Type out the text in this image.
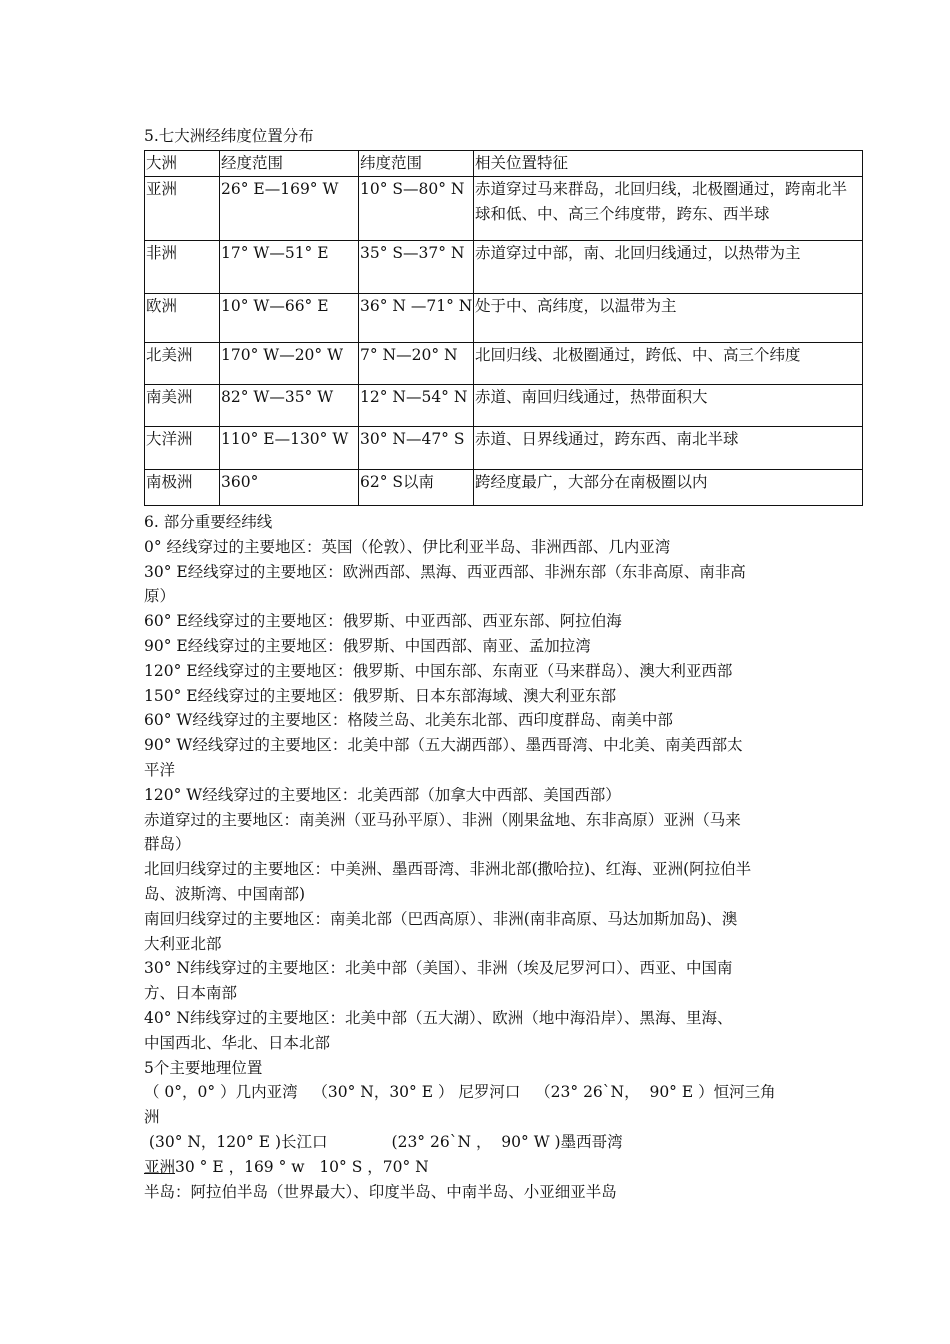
5.七大洲经纬度位置分布
大洲	经度范围	纬度范围	相关位置特征
亚洲	26° E—169° W	10° S—80° N	赤道穿过马来群岛，北回归线，北极圈通过，跨南北半球和低、中、高三个纬度带，跨东、西半球
非洲	17° W—51° E	35° S—37° N	赤道穿过中部，南、北回归线通过，以热带为主
欧洲	10° W—66° E	36° N —71° N	处于中、高纬度，以温带为主
北美洲	170° W—20° W	7° N—20° N	北回归线、北极圈通过，跨低、中、高三个纬度
南美洲	82° W—35° W	12° N—54° N	赤道、南回归线通过，热带面积大
大洋洲	110° E—130° W	30° N—47° S	赤道、日界线通过，跨东西、南北半球
南极洲	360°	62° S以南	跨经度最广，大部分在南极圈以内
6. 部分重要经纬线
0° 经线穿过的主要地区：英国（伦敦）、伊比利亚半岛、非洲西部、几内亚湾
30° E经线穿过的主要地区：欧洲西部、黑海、西亚西部、非洲东部（东非高原、南非高
原）
60° E经线穿过的主要地区：俄罗斯、中亚西部、西亚东部、阿拉伯海
90° E经线穿过的主要地区：俄罗斯、中国西部、南亚、孟加拉湾
120° E经线穿过的主要地区：俄罗斯、中国东部、东南亚（马来群岛）、澳大利亚西部
150° E经线穿过的主要地区：俄罗斯、日本东部海域、澳大利亚东部
60° W经线穿过的主要地区：格陵兰岛、北美东北部、西印度群岛、南美中部
90° W经线穿过的主要地区：北美中部（五大湖西部）、墨西哥湾、中北美、南美西部太
平洋
120° W经线穿过的主要地区：北美西部（加拿大中西部、美国西部）
赤道穿过的主要地区：南美洲（亚马孙平原）、非洲（刚果盆地、东非高原）亚洲（马来
群岛）
北回归线穿过的主要地区：中美洲、墨西哥湾、非洲北部(撒哈拉)、红海、亚洲(阿拉伯半
岛、波斯湾、中国南部)
南回归线穿过的主要地区：南美北部（巴西高原）、非洲(南非高原、马达加斯加岛)、澳
大利亚北部
30° N纬线穿过的主要地区：北美中部（美国）、非洲（埃及尼罗河口）、西亚、中国南
方、日本南部
40° N纬线穿过的主要地区：北美中部（五大湖）、欧洲（地中海沿岸）、黑海、里海、
中国西北、华北、日本北部
5个主要地理位置
（ 0°，0° ）几内亚湾   （30° N，30° E ） 尼罗河口   （23° 26`N，  90° E ）恒河三角
洲
(30° N，120° E )长江口             (23° 26`N ，  90° W )墨西哥湾
亚洲30 ° E ，169 ° w   10° S ，70° N
半岛：阿拉伯半岛（世界最大）、印度半岛、中南半岛、小亚细亚半岛
